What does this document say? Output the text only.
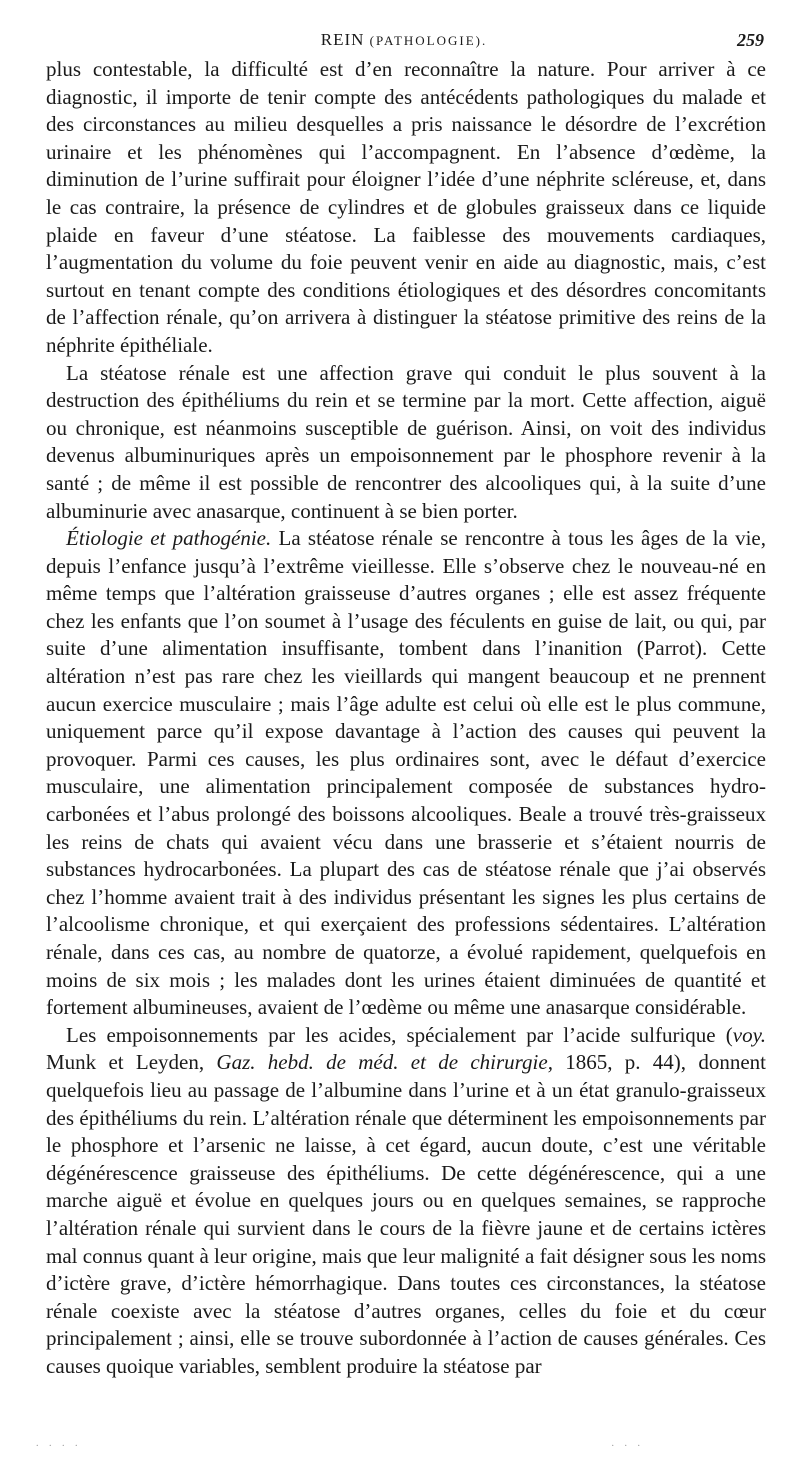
REIN (PATHOLOGIE).	259

plus contestable, la difficulté est d’en reconnaître la nature. Pour arriver à ce diagnostic, il importe de tenir compte des antécédents pathologiques du malade et des circonstances au milieu desquelles a pris naissance le désordre de l’excrétion urinaire et les phénomènes qui l’accompagnent. En l’absence d’œdème, la diminution de l’urine suffirait pour éloigner l’idée d’une néphrite scléreuse, et, dans le cas contraire, la présence de cylindres et de globules graisseux dans ce liquide plaide en faveur d’une stéatose. La faiblesse des mouvements cardiaques, l’augmentation du volume du foie peuvent venir en aide au diagnostic, mais, c’est surtout en tenant compte des conditions étiologiques et des désordres concomitants de l’affection rénale, qu’on arrivera à distinguer la stéatose primitive des reins de la néphrite épithéliale.

La stéatose rénale est une affection grave qui conduit le plus souvent à la destruction des épithéliums du rein et se termine par la mort. Cette affection, aiguë ou chronique, est néanmoins susceptible de guérison. Ainsi, on voit des individus devenus albuminuriques après un empoisonnement par le phosphore revenir à la santé ; de même il est possible de rencontrer des alcooliques qui, à la suite d’une albuminurie avec anasarque, continuent à se bien porter.

Étiologie et pathogénie. La stéatose rénale se rencontre à tous les âges de la vie, depuis l’enfance jusqu’à l’extrême vieillesse. Elle s’observe chez le nouveau-né en même temps que l’altération graisseuse d’autres organes ; elle est assez fréquente chez les enfants que l’on soumet à l’usage des féculents en guise de lait, ou qui, par suite d’une alimentation insuffisante, tombent dans l’inanition (Parrot). Cette altération n’est pas rare chez les vieillards qui mangent beaucoup et ne prennent aucun exercice musculaire ; mais l’âge adulte est celui où elle est le plus commune, uniquement parce qu’il expose davantage à l’action des causes qui peuvent la provoquer. Parmi ces causes, les plus ordinaires sont, avec le défaut d’exercice musculaire, une alimentation principalement composée de substances hydro-carbonées et l’abus prolongé des boissons alcooliques. Beale a trouvé très-graisseux les reins de chats qui avaient vécu dans une brasserie et s’étaient nourris de substances hydrocarbonées. La plupart des cas de stéatose rénale que j’ai observés chez l’homme avaient trait à des individus présentant les signes les plus certains de l’alcoolisme chronique, et qui exerçaient des professions sédentaires. L’altération rénale, dans ces cas, au nombre de quatorze, a évolué rapidement, quelquefois en moins de six mois ; les malades dont les urines étaient diminuées de quantité et fortement albumineuses, avaient de l’œdème ou même une anasarque considérable.

Les empoisonnements par les acides, spécialement par l’acide sulfurique (voy. Munk et Leyden, Gaz. hebd. de méd. et de chirurgie, 1865, p. 44), donnent quelquefois lieu au passage de l’albumine dans l’urine et à un état granulo-graisseux des épithéliums du rein. L’altération rénale que déterminent les empoisonnements par le phosphore et l’arsenic ne laisse, à cet égard, aucun doute, c’est une véritable dégénérescence graisseuse des épithéliums. De cette dégénérescence, qui a une marche aiguë et évolue en quelques jours ou en quelques semaines, se rapproche l’altération rénale qui survient dans le cours de la fièvre jaune et de certains ictères mal connus quant à leur origine, mais que leur malignité a fait désigner sous les noms d’ictère grave, d’ictère hémorrhagique. Dans toutes ces circonstances, la stéatose rénale coexiste avec la stéatose d’autres organes, celles du foie et du cœur principalement ; ainsi, elle se trouve subordonnée à l’action de causes générales. Ces causes quoique variables, semblent produire la stéatose par

. . . .	. . .
